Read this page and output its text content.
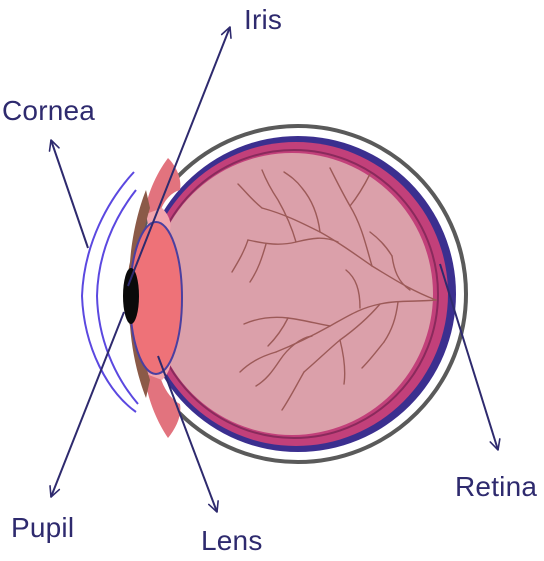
Iris
Cornea
Pupil	Lens
Retina
